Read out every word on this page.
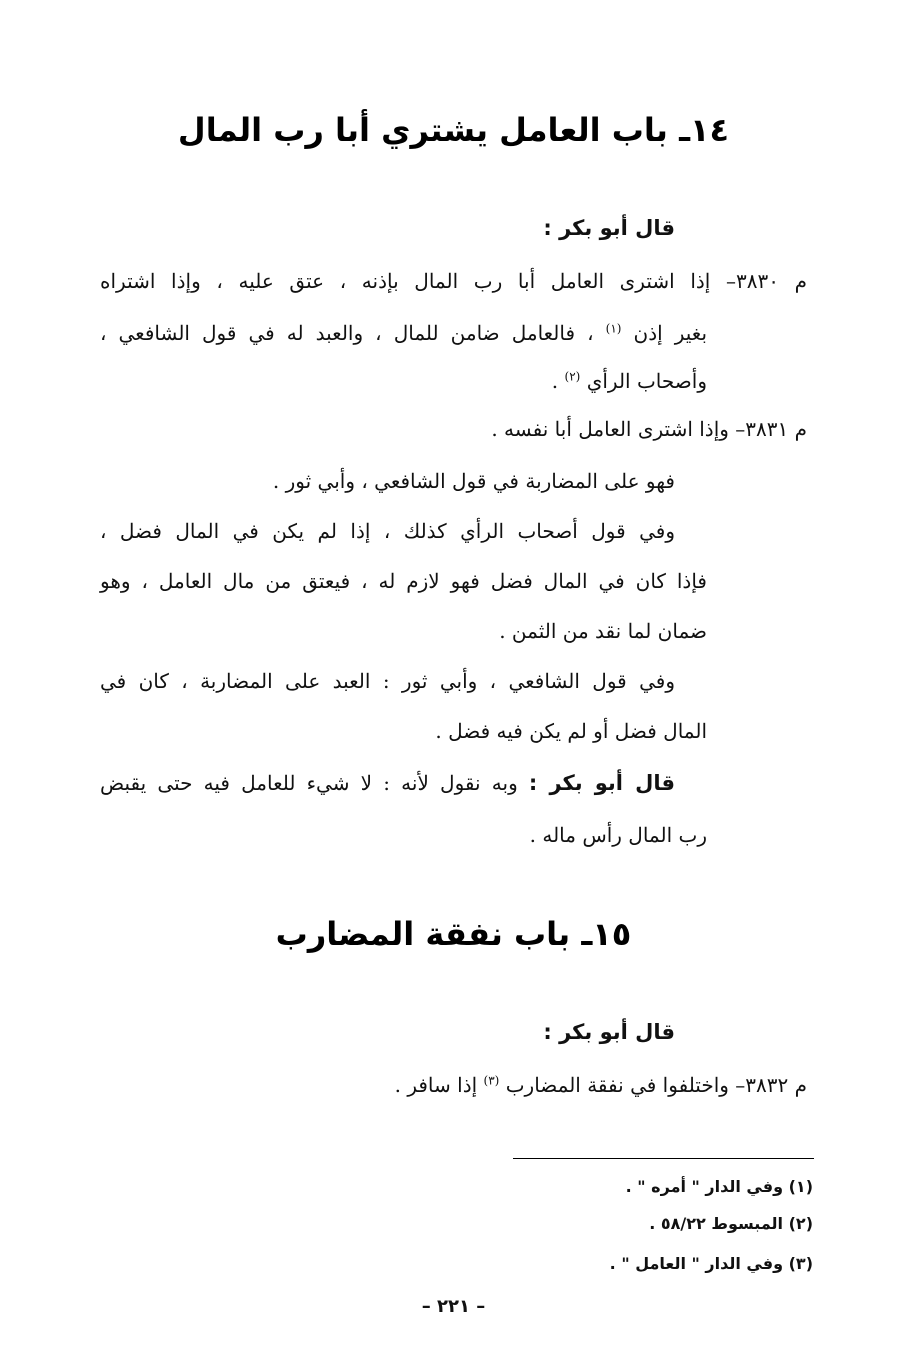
١٤ـ باب العامل يشتري أبا رب المال
قال أبو بكر :
م ٣٨٣٠– إذا اشترى العامل أبا رب المال بإذنه ، عتق عليه ، وإذا اشتراه
بغير إذن $^{(١)}$ ، فالعامل ضامن للمال ، والعبد له في قول الشافعي ،
وأصحاب الرأي $^{(٢)}$ .
م ٣٨٣١– وإذا اشترى العامل أبا نفسه .
فهو على المضاربة في قول الشافعي ، وأبي ثور .
وفي قول أصحاب الرأي كذلك ، إذا لم يكن في المال فضل ،
فإذا كان في المال فضل فهو لازم له ، فيعتق من مال العامل ، وهو
ضمان لما نقد من الثمن .
وفي قول الشافعي ، وأبي ثور : العبد على المضاربة ، كان في
المال فضل أو لم يكن فيه فضل .
قال أبو بكر : وبه نقول لأنه : لا شيء للعامل فيه حتى يقبض
رب المال رأس ماله .
١٥ـ باب نفقة المضارب
قال أبو بكر :
م ٣٨٣٢– واختلفوا في نفقة المضارب $^{(٣)}$ إذا سافر .
(١) وفي الدار " أمره " .
(٢) المبسوط ٥٨/٢٢ .
(٣) وفي الدار " العامل " .
– ٢٢١ –
